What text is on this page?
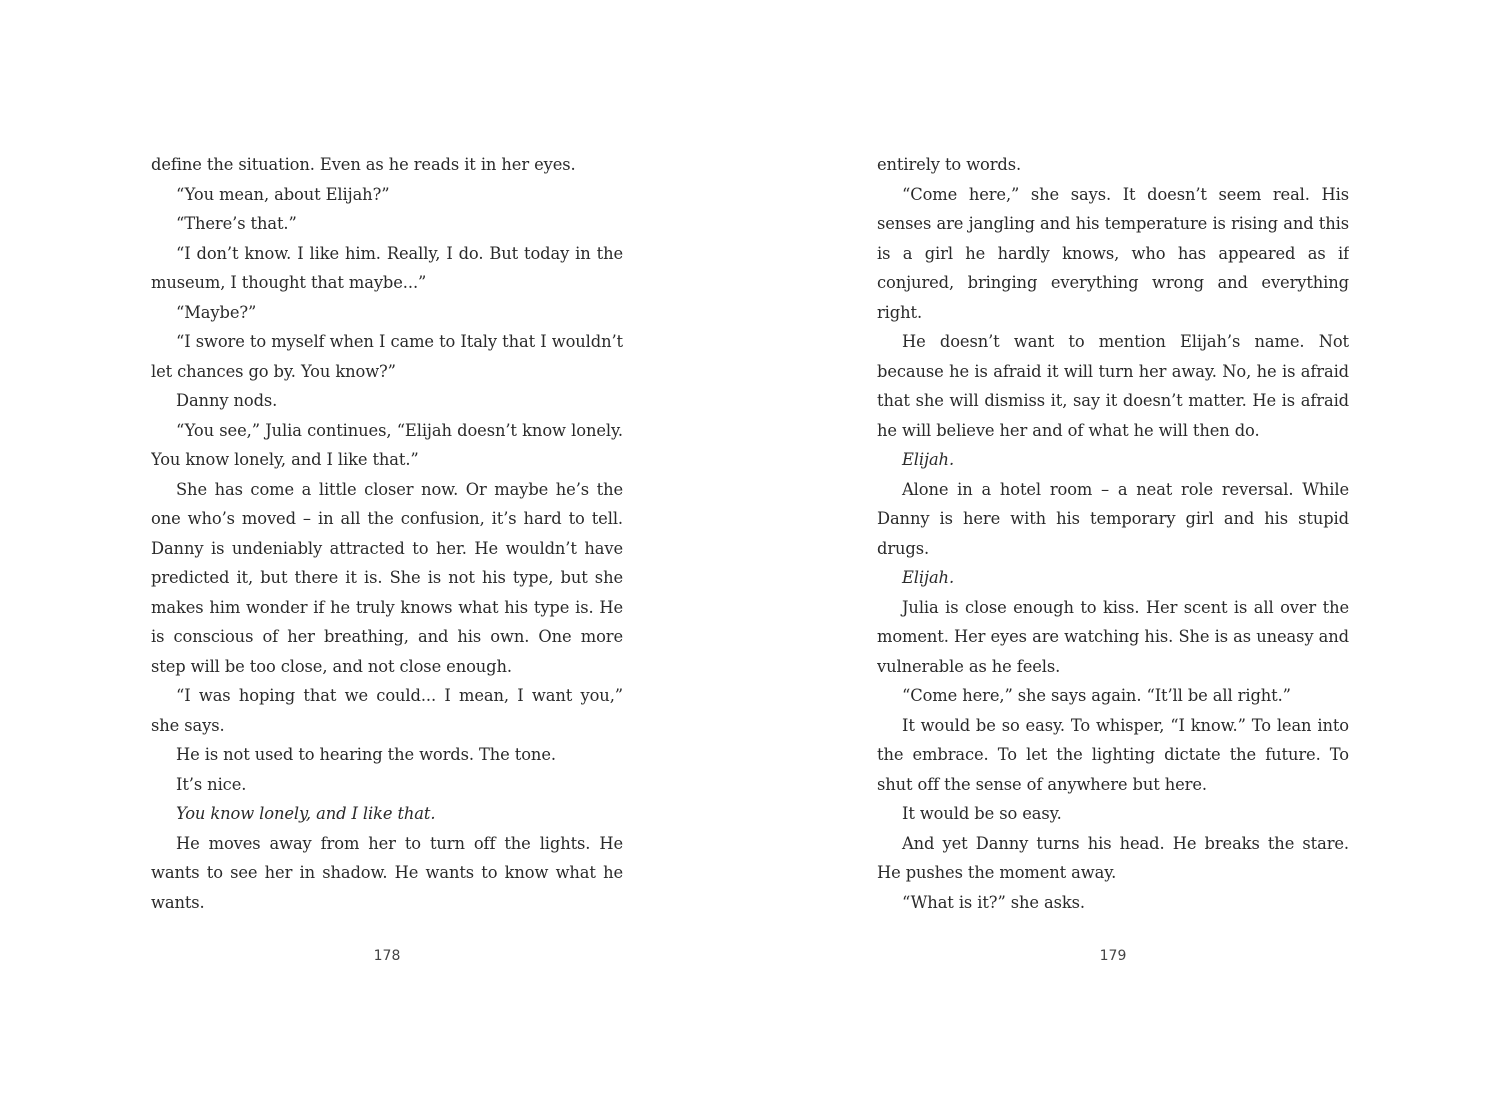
define the situation. Even as he reads it in her eyes.

“You mean, about Elijah?”

“There’s that.”

“I don’t know. I like him. Really, I do. But today in the museum, I thought that maybe...”

“Maybe?”

“I swore to myself when I came to Italy that I wouldn’t let chances go by. You know?”

Danny nods.

“You see,” Julia continues, “Elijah doesn’t know lonely. You know lonely, and I like that.”

She has come a little closer now. Or maybe he’s the one who’s moved – in all the confusion, it’s hard to tell. Danny is undeniably attracted to her. He wouldn’t have predicted it, but there it is. She is not his type, but she makes him wonder if he truly knows what his type is. He is conscious of her breathing, and his own. One more step will be too close, and not close enough.

“I was hoping that we could... I mean, I want you,” she says.

He is not used to hearing the words. The tone.

It’s nice.

You know lonely, and I like that.

He moves away from her to turn off the lights. He wants to see her in shadow. He wants to know what he wants.

178

entirely to words.

“Come here,” she says. It doesn’t seem real. His senses are jangling and his temperature is rising and this is a girl he hardly knows, who has appeared as if conjured, bringing everything wrong and everything right.

He doesn’t want to mention Elijah’s name. Not because he is afraid it will turn her away. No, he is afraid that she will dismiss it, say it doesn’t matter. He is afraid he will believe her and of what he will then do.

Elijah.

Alone in a hotel room – a neat role reversal. While Danny is here with his temporary girl and his stupid drugs.

Elijah.

Julia is close enough to kiss. Her scent is all over the moment. Her eyes are watching his. She is as uneasy and vulnerable as he feels.

“Come here,” she says again. “It’ll be all right.”

It would be so easy. To whisper, “I know.” To lean into the embrace. To let the lighting dictate the future. To shut off the sense of anywhere but here.

It would be so easy.

And yet Danny turns his head. He breaks the stare. He pushes the moment away.

“What is it?” she asks.

179
